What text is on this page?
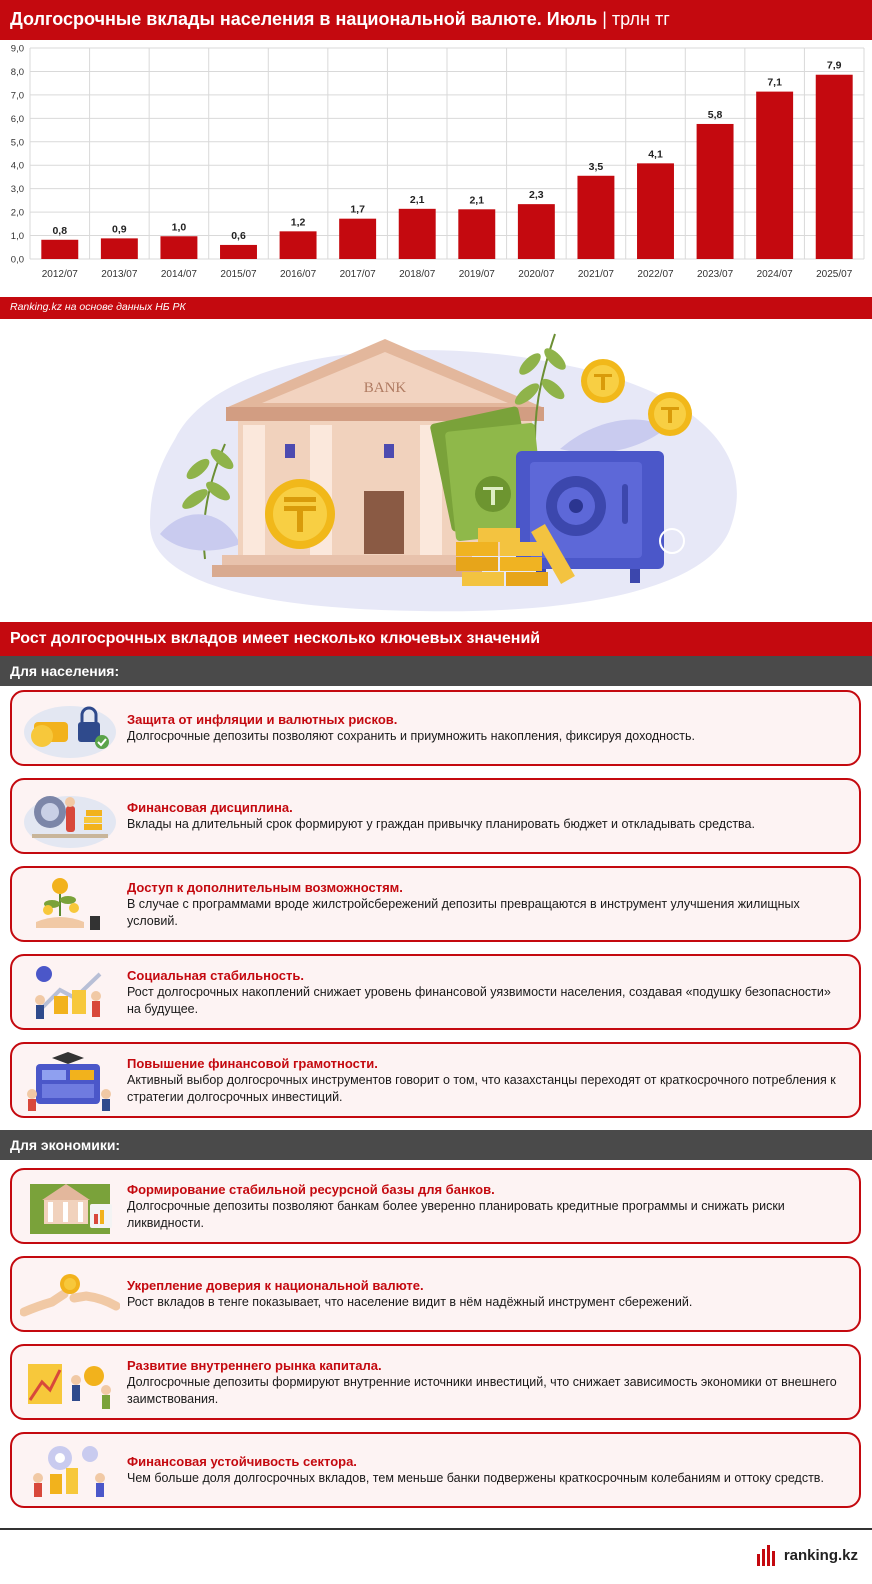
Долгосрочные вклады населения в национальной валюте. Июль | трлн тг
0,0
1,0
2,0
3,0
4,0
5,0
6,0
7,0
8,0
9,0
0,8
2012/07
0,9
2013/07
1,0
2014/07
0,6
2015/07
1,2
2016/07
1,7
2017/07
2,1
2018/07
2,1
2019/07
2,3
2020/07
3,5
2021/07
4,1
2022/07
5,8
2023/07
7,1
2024/07
7,9
2025/07
Ranking.kz на основе данных НБ РК
BANK
Рост долгосрочных вкладов имеет несколько ключевых значений
Для населения:
Защита от инфляции и валютных рисков.
Долгосрочные депозиты позволяют сохранить и приумножить накопления, фиксируя доходность.
Финансовая дисциплина.
Вклады на длительный срок формируют у граждан привычку планировать бюджет и откладывать средства.
Доступ к дополнительным возможностям.
В случае с программами вроде жилстройсбережений депозиты превращаются в инструмент улучшения жилищных условий.
Социальная стабильность.
Рост долгосрочных накоплений снижает уровень финансовой уязвимости населения, создавая «подушку безопасности» на будущее.
Повышение финансовой грамотности.
Активный выбор долгосрочных инструментов говорит о том, что казахстанцы переходят от краткосрочного потребления к стратегии долгосрочных инвестиций.
Для экономики:
Формирование стабильной ресурсной базы для банков.
Долгосрочные депозиты позволяют банкам более уверенно планировать кредитные программы и снижать риски ликвидности.
Укрепление доверия к национальной валюте.
Рост вкладов в тенге показывает, что население видит в нём надёжный инструмент сбережений.
Развитие внутреннего рынка капитала.
Долгосрочные депозиты формируют внутренние источники инвестиций, что снижает зависимость экономики от внешнего заимствования.
Финансовая устойчивость сектора.
Чем больше доля долгосрочных вкладов, тем меньше банки подвержены краткосрочным колебаниям и оттоку средств.
ranking.kz
